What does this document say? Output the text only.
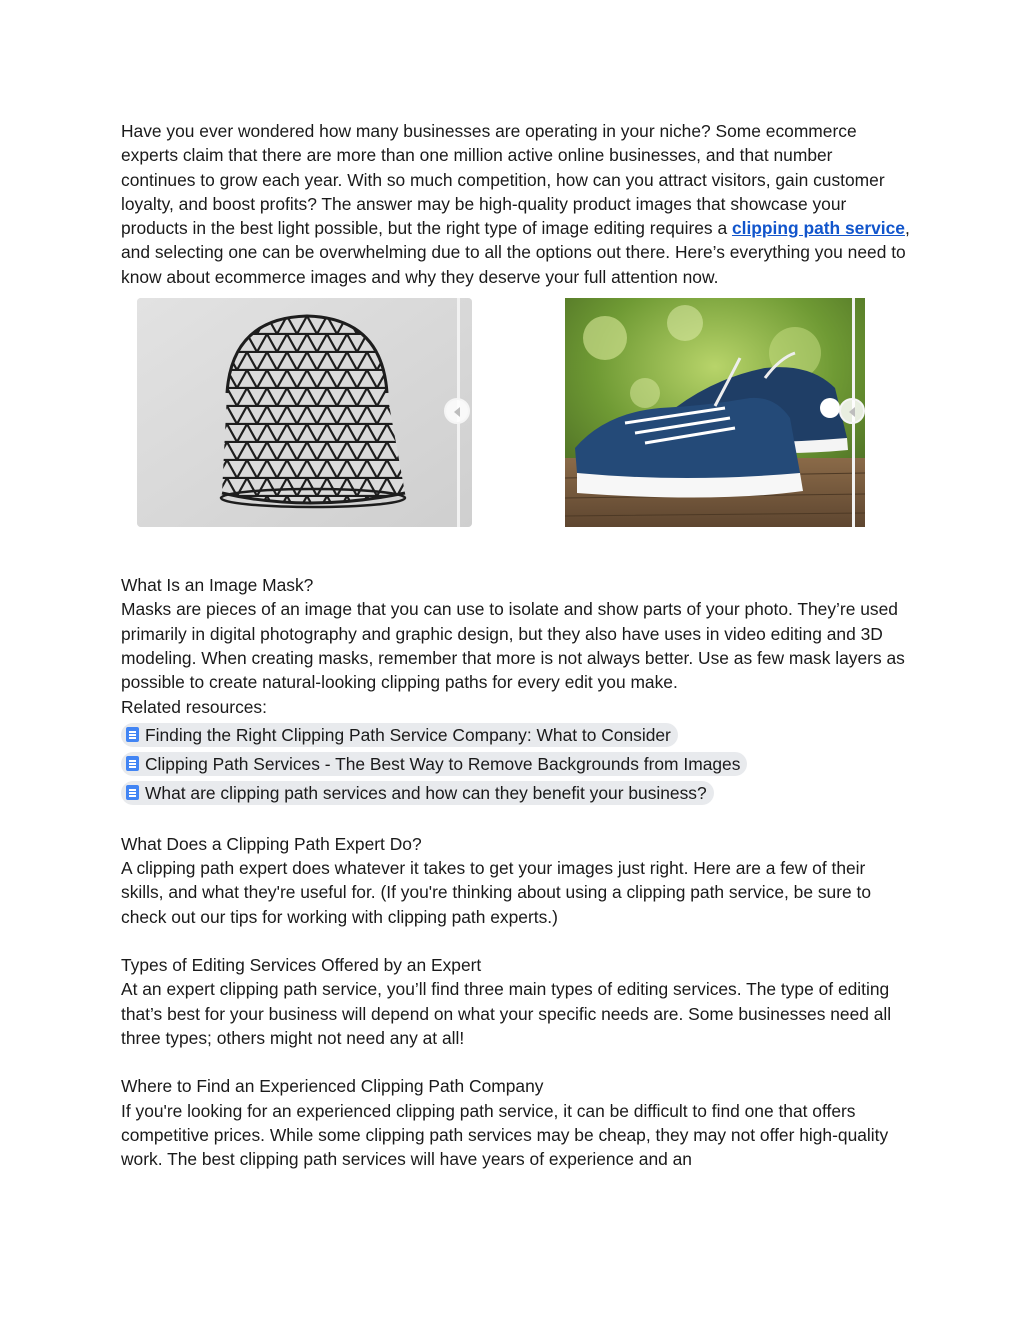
Have you ever wondered how many businesses are operating in your niche? Some ecommerce experts claim that there are more than one million active online businesses, and that number continues to grow each year. With so much competition, how can you attract visitors, gain customer loyalty, and boost profits? The answer may be high-quality product images that showcase your products in the best light possible, but the right type of image editing requires a clipping path service, and selecting one can be overwhelming due to all the options out there. Here’s everything you need to know about ecommerce images and why they deserve your full attention now.

What Is an Image Mask?

Masks are pieces of an image that you can use to isolate and show parts of your photo. They’re used primarily in digital photography and graphic design, but they also have uses in video editing and 3D modeling. When creating masks, remember that more is not always better. Use as few mask layers as possible to create natural-looking clipping paths for every edit you make.

Related resources:
Finding the Right Clipping Path Service Company: What to Consider
Clipping Path Services - The Best Way to Remove Backgrounds from Images
What are clipping path services and how can they benefit your business?
What Does a Clipping Path Expert Do?

A clipping path expert does whatever it takes to get your images just right. Here are a few of their skills, and what they're useful for. (If you're thinking about using a clipping path service, be sure to check out our tips for working with clipping path experts.)

Types of Editing Services Offered by an Expert

At an expert clipping path service, you’ll find three main types of editing services. The type of editing that’s best for your business will depend on what your specific needs are. Some businesses need all three types; others might not need any at all!

Where to Find an Experienced Clipping Path Company

If you're looking for an experienced clipping path service, it can be difficult to find one that offers competitive prices. While some clipping path services may be cheap, they may not offer high-quality work. The best clipping path services will have years of experience and an
